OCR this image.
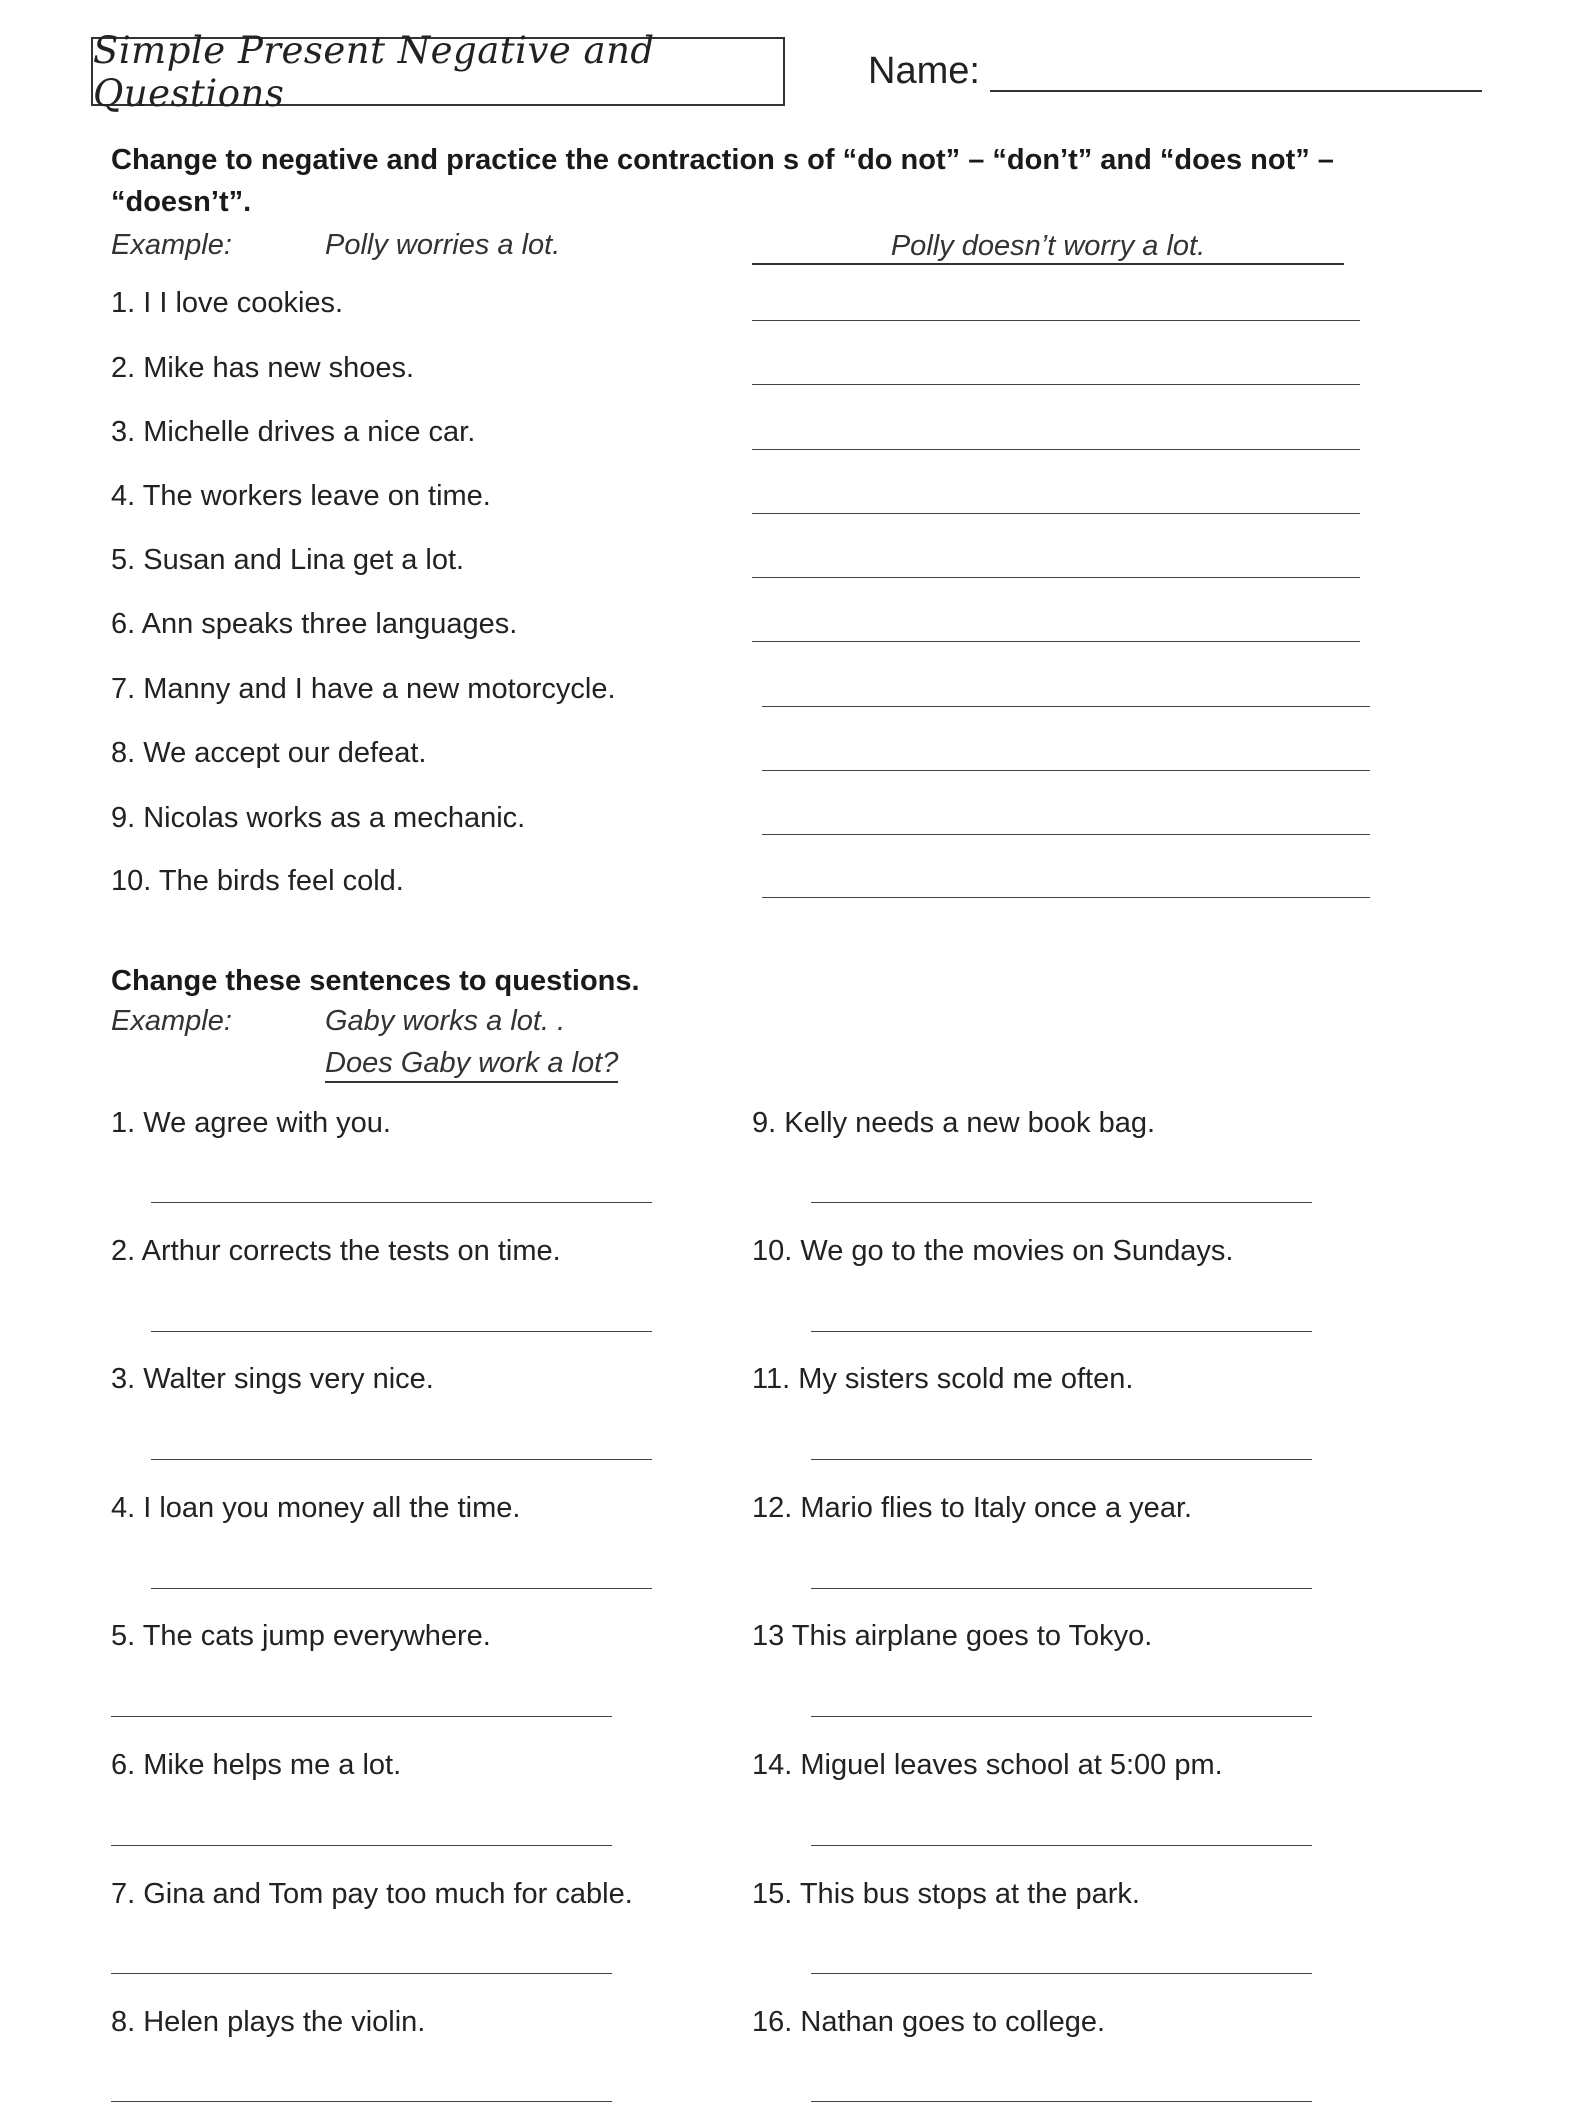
Simple Present Negative and Questions
Name:
Change to negative and practice the contraction s of “do not” – “don’t” and “does not” –
“doesn’t”.
Example:	Polly worries a lot.	Polly doesn’t worry a lot.
1. I I love cookies.
2. Mike has new shoes.
3. Michelle drives a nice car.
4. The workers leave on time.
5. Susan and Lina get a lot.
6. Ann speaks three languages.
7. Manny and I have a new motorcycle.
8. We accept our defeat.
9. Nicolas works as a mechanic.
10. The birds feel cold.
Change these sentences to questions.
Example:	Gaby works a lot. .
Does Gaby work a lot?
1. We agree with you.
2. Arthur corrects the tests on time.
3. Walter sings very nice.
4. I loan you money all the time.
5. The cats jump everywhere.
6. Mike helps me a lot.
7. Gina and Tom pay too much for cable.
8. Helen plays the violin.
9. Kelly needs a new book bag.
10. We go to the movies on Sundays.
11. My sisters scold me often.
12. Mario flies to Italy once a year.
13 This airplane goes to Tokyo.
14. Miguel leaves school at 5:00 pm.
15. This bus stops at the park.
16. Nathan goes to college.
